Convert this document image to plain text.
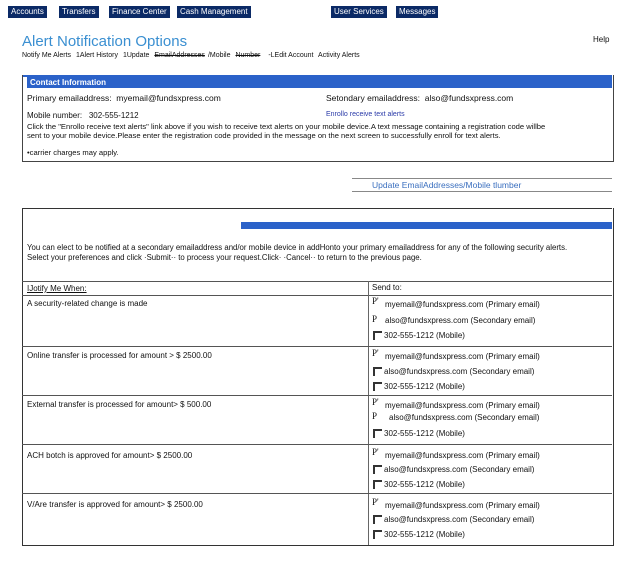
Accounts	Transfers	Finance Center	Cash Management	User Services	Messages
Alert Notification Options	Help
Notify Me Alerts 1Alert History 1Update EmailAddresses /Mobile Number -LEdit Account Activity Alerts
Contact Information
Primary emailaddress: myemail@fundsxpress.com	Setondary emailaddress: also@fundsxpress.com
Mobile number: 302-555-1212	Enrollo receive text alerts
Click the "Enrollo receive text alerts" link above if you wish to receive text alerts on your mobile device.A text message containing a registration code willbe
sent to your mobile device.Please enter the registration code provided in the message on the next screen to successfully enroll for text alerts.
•carrier charges may apply.
Update EmailAddresses/Mobile tlumber
You can elect to be notified at a secondary emailaddress and/or mobile device in addHonto your primary emailaddress for any of the following security alerts.
Select your preferences and click ·Submit·· to process your request.Click· ·Cancel·· to return to the previous page.
IJotify Me When:	Send to:
A security-related change is made	P' myemail@fundsxpress.com (Primary email)
P also@fundsxpress.com (Secondary email)
302-555-1212 (Mobile)
Online transfer is processed for amount > $ 2500.00	P' myemail@fundsxpress.com (Primary email)
also@fundsxpress.com (Secondary email)
302-555-1212 (Mobile)
External transfer is processed for amount> $ 500.00	P' myemail@fundsxpress.com (Primary email)
P also@fundsxpress.com (Secondary email)
302-555-1212 (Mobile)
ACH botch is approved for amount> $ 2500.00	P' myemail@fundsxpress.com (Primary email)
also@fundsxpress.com (Secondary email)
302-555-1212 (Mobile)
V/Are transfer is approved for amount> $ 2500.00	P' myemail@fundsxpress.com (Primary email)
also@fundsxpress.com (Secondary email)
302-555-1212 (Mobile)
